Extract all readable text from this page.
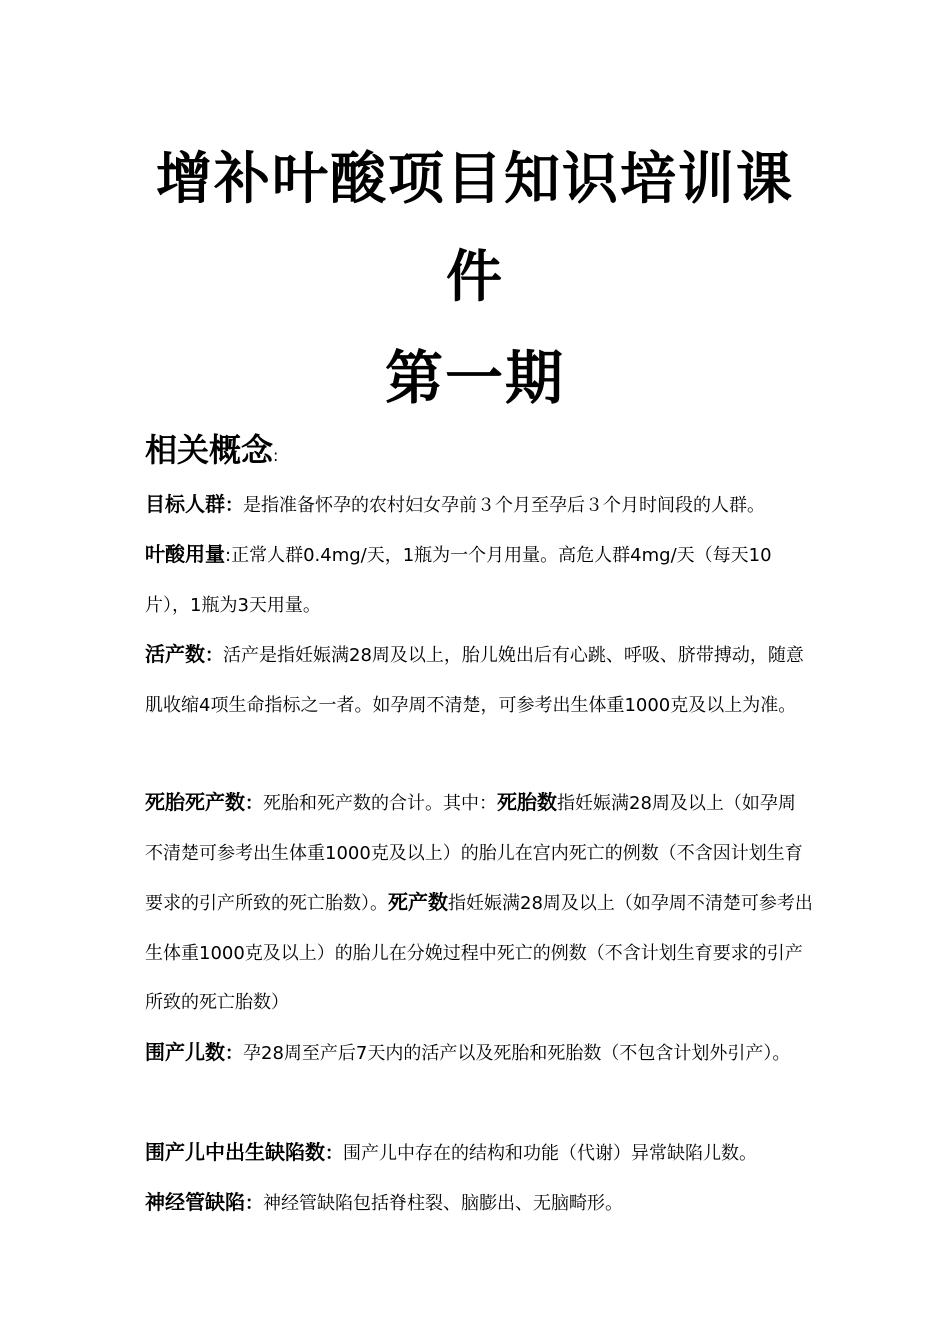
增补叶酸项目知识培训课
件
第一期
相关概念:
目标人群：是指准备怀孕的农村妇女孕前３个月至孕后３个月时间段的人群。
叶酸用量:正常人群0.4mg/天，1瓶为一个月用量。高危人群4mg/天（每天10片），1瓶为3天用量。
活产数：活产是指妊娠满28周及以上，胎儿娩出后有心跳、呼吸、脐带搏动，随意肌收缩4项生命指标之一者。如孕周不清楚，可参考出生体重1000克及以上为准。
死胎死产数：死胎和死产数的合计。其中：死胎数指妊娠满28周及以上（如孕周不清楚可参考出生体重1000克及以上）的胎儿在宫内死亡的例数（不含因计划生育要求的引产所致的死亡胎数）。死产数指妊娠满28周及以上（如孕周不清楚可参考出生体重1000克及以上）的胎儿在分娩过程中死亡的例数（不含计划生育要求的引产所致的死亡胎数）
围产儿数：孕28周至产后7天内的活产以及死胎和死胎数（不包含计划外引产）。
围产儿中出生缺陷数：围产儿中存在的结构和功能（代谢）异常缺陷儿数。
神经管缺陷：神经管缺陷包括脊柱裂、脑膨出、无脑畸形。
